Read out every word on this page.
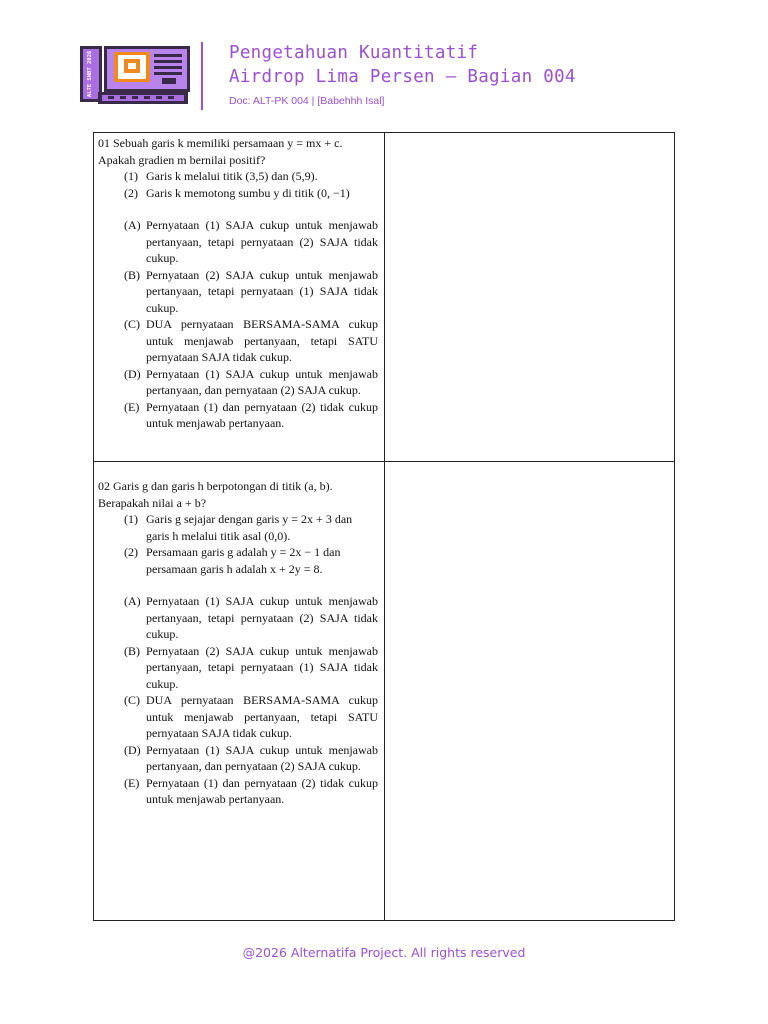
ALTE SNBT 2026	Pengetahuan Kuantitatif
Airdrop Lima Persen – Bagian 004
Doc: ALT-PK 004 | [Babehhh Isal]
01 Sebuah garis k memiliki persamaan y = mx + c. Apakah gradien m bernilai positif?
(1) Garis k melalui titik (3,5) dan (5,9).
(2) Garis k memotong sumbu y di titik (0, −1)
(A) Pernyataan (1) SAJA cukup untuk menjawab pertanyaan, tetapi pernyataan (2) SAJA tidak cukup.
(B) Pernyataan (2) SAJA cukup untuk menjawab pertanyaan, tetapi pernyataan (1) SAJA tidak cukup.
(C) DUA pernyataan BERSAMA-SAMA cukup untuk menjawab pertanyaan, tetapi SATU pernyataan SAJA tidak cukup.
(D) Pernyataan (1) SAJA cukup untuk menjawab pertanyaan, dan pernyataan (2) SAJA cukup.
(E) Pernyataan (1) dan pernyataan (2) tidak cukup untuk menjawab pertanyaan.
02 Garis g dan garis h berpotongan di titik (a, b). Berapakah nilai a + b?
(1) Garis g sejajar dengan garis y = 2x + 3 dan garis h melalui titik asal (0,0).
(2) Persamaan garis g adalah y = 2x − 1 dan persamaan garis h adalah x + 2y = 8.
(A) Pernyataan (1) SAJA cukup untuk menjawab pertanyaan, tetapi pernyataan (2) SAJA tidak cukup.
(B) Pernyataan (2) SAJA cukup untuk menjawab pertanyaan, tetapi pernyataan (1) SAJA tidak cukup.
(C) DUA pernyataan BERSAMA-SAMA cukup untuk menjawab pertanyaan, tetapi SATU pernyataan SAJA tidak cukup.
(D) Pernyataan (1) SAJA cukup untuk menjawab pertanyaan, dan pernyataan (2) SAJA cukup.
(E) Pernyataan (1) dan pernyataan (2) tidak cukup untuk menjawab pertanyaan.
@2026 Alternatifa Project. All rights reserved
